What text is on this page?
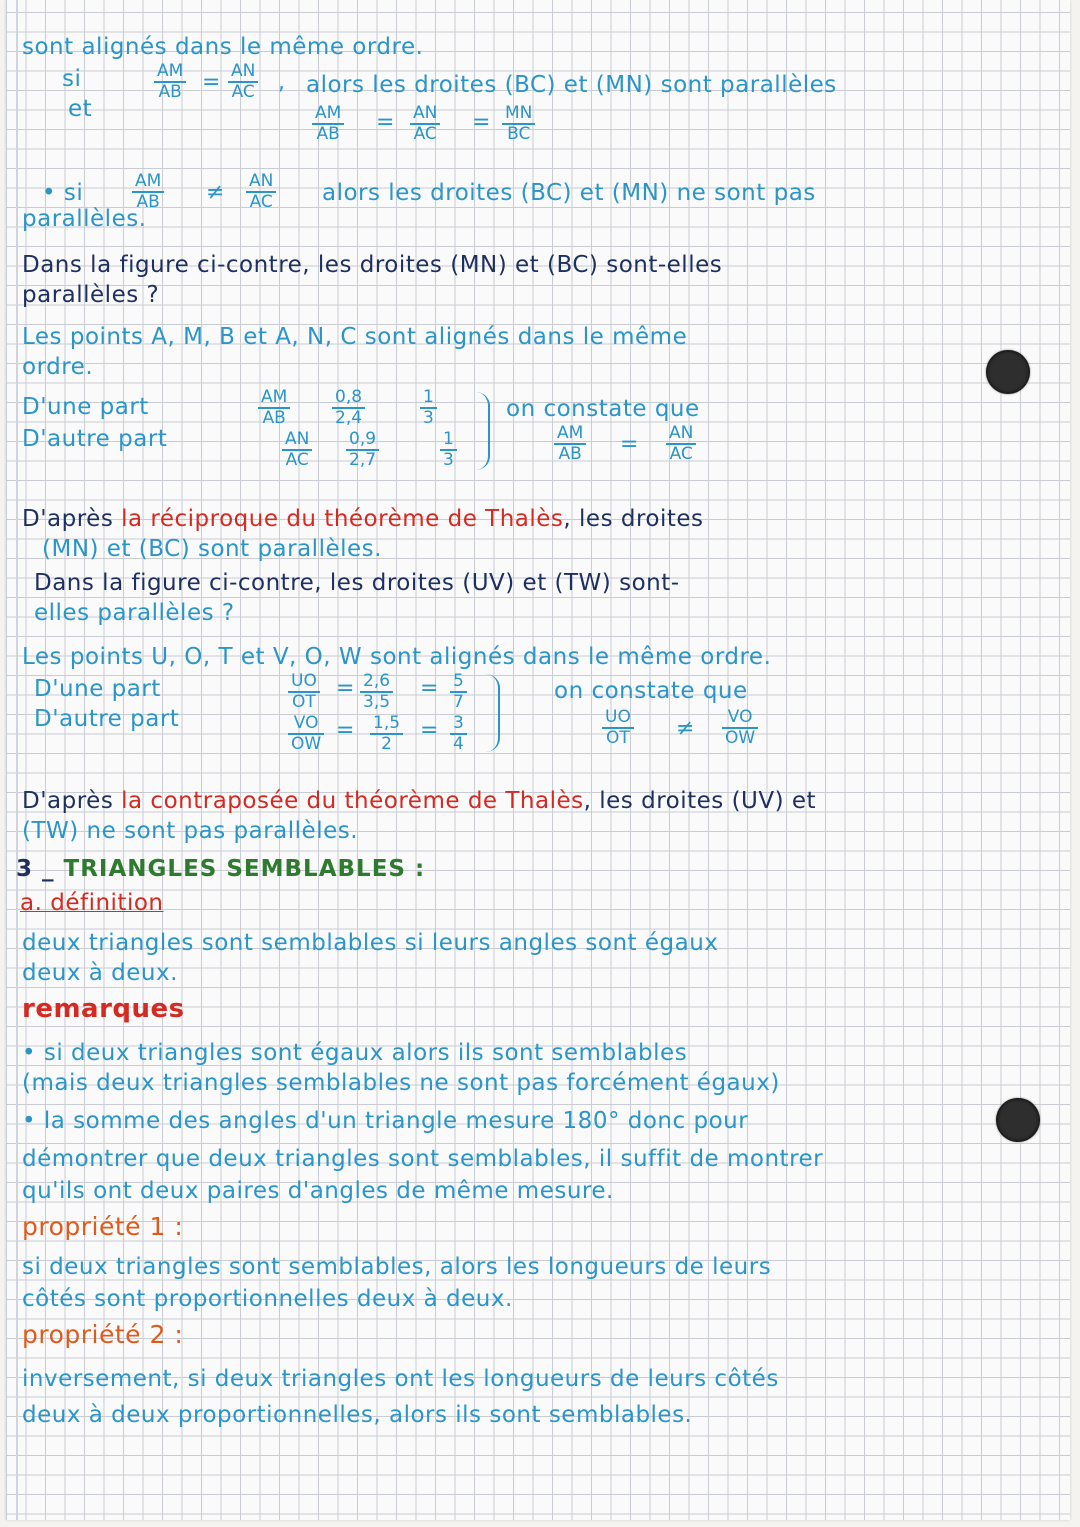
sont alignés dans le même ordre.
si
et
AM
AB = AN
AC , alors les droites (BC) et (MN) sont parallèles
AM
AB = AN
AC = MN
BC
• si	AM
AB ≠ AN
AC alors les droites (BC) et (MN) ne sont pas
parallèles.
Dans la figure ci-contre, les droites (MN) et (BC) sont-elles
parallèles ?
Les points A, M, B et A, N, C sont alignés dans le même
ordre.
D'une part
D'autre part
AM
AB
0,8
2,4
1
3
AN
AC
0,9
2,7
1
3
on constate que
AM
AB = AN
AC
D'après la réciproque du théorème de Thalès, les droites
(MN) et (BC) sont parallèles.
Dans la figure ci-contre, les droites (UV) et (TW) sont-
elles parallèles ?
Les points U, O, T et V, O, W sont alignés dans le même ordre.
D'une part
D'autre part
UO
OT
= 2,6
3,5
= 5
7
VO
OW
= 1,5
2
= 3
4
on constate que
UO
OT ≠ VO
OW
D'après la contraposée du théorème de Thalès, les droites (UV) et
(TW) ne sont pas parallèles.
3 _ TRIANGLES SEMBLABLES :
a. définition
deux triangles sont semblables si leurs angles sont égaux
deux à deux.
remarques
• si deux triangles sont égaux alors ils sont semblables
(mais deux triangles semblables ne sont pas forcément égaux)
• la somme des angles d'un triangle mesure 180° donc pour
démontrer que deux triangles sont semblables, il suffit de montrer
qu'ils ont deux paires d'angles de même mesure.
propriété 1 :
si deux triangles sont semblables, alors les longueurs de leurs
côtés sont proportionnelles deux à deux.
propriété 2 :
inversement, si deux triangles ont les longueurs de leurs côtés
deux à deux proportionnelles, alors ils sont semblables.
